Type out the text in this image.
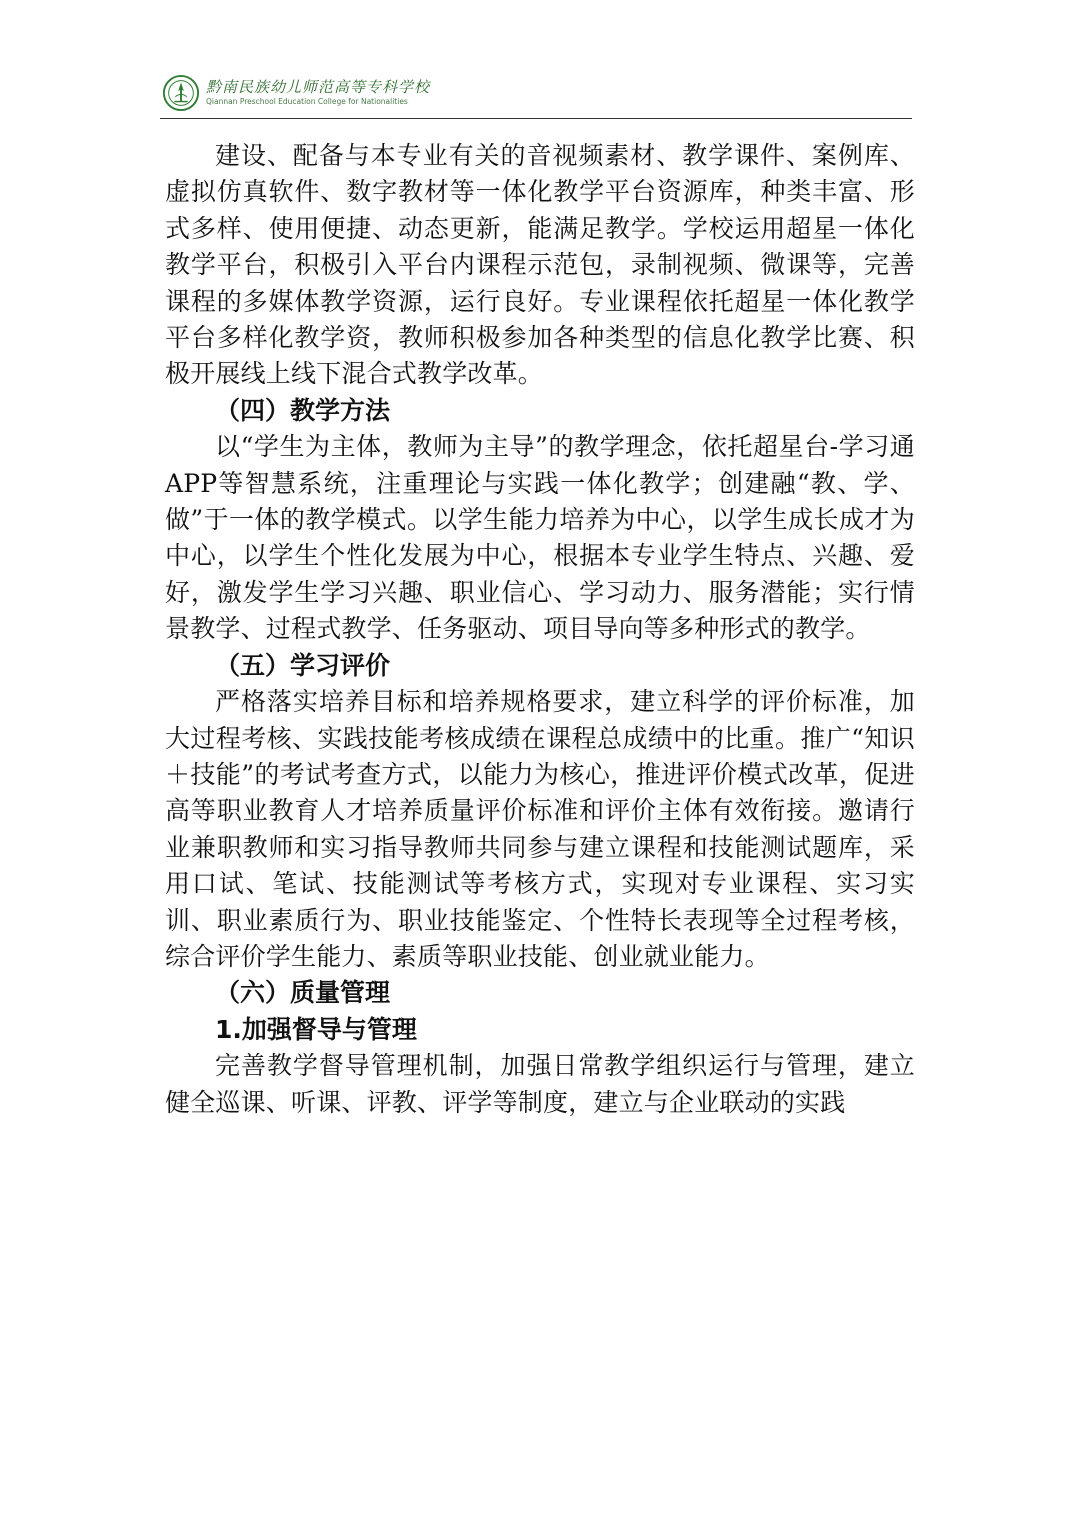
黔南民族幼儿师范高等专科学校
Qiannan Preschool Education College for Nationalities

建设、配备与本专业有关的音视频素材、教学课件、案例库、虚拟仿真软件、数字教材等一体化教学平台资源库，种类丰富、形式多样、使用便捷、动态更新，能满足教学。学校运用超星一体化教学平台，积极引入平台内课程示范包，录制视频、微课等，完善课程的多媒体教学资源，运行良好。专业课程依托超星一体化教学平台多样化教学资，教师积极参加各种类型的信息化教学比赛、积极开展线上线下混合式教学改革。

（四）教学方法

以“学生为主体，教师为主导”的教学理念，依托超星台-学习通 APP等智慧系统，注重理论与实践一体化教学；创建融“教、学、做”于一体的教学模式。以学生能力培养为中心，以学生成长成才为中心，以学生个性化发展为中心，根据本专业学生特点、兴趣、爱好，激发学生学习兴趣、职业信心、学习动力、服务潜能；实行情景教学、过程式教学、任务驱动、项目导向等多种形式的教学。

（五）学习评价

严格落实培养目标和培养规格要求，建立科学的评价标准，加大过程考核、实践技能考核成绩在课程总成绩中的比重。推广“知识＋技能”的考试考查方式，以能力为核心，推进评价模式改革，促进高等职业教育人才培养质量评价标准和评价主体有效衔接。邀请行业兼职教师和实习指导教师共同参与建立课程和技能测试题库，采用口试、笔试、技能测试等考核方式，实现对专业课程、实习实训、职业素质行为、职业技能鉴定、个性特长表现等全过程考核，综合评价学生能力、素质等职业技能、创业就业能力。

（六）质量管理

1.加强督导与管理

完善教学督导管理机制，加强日常教学组织运行与管理，建立健全巡课、听课、评教、评学等制度，建立与企业联动的实践
